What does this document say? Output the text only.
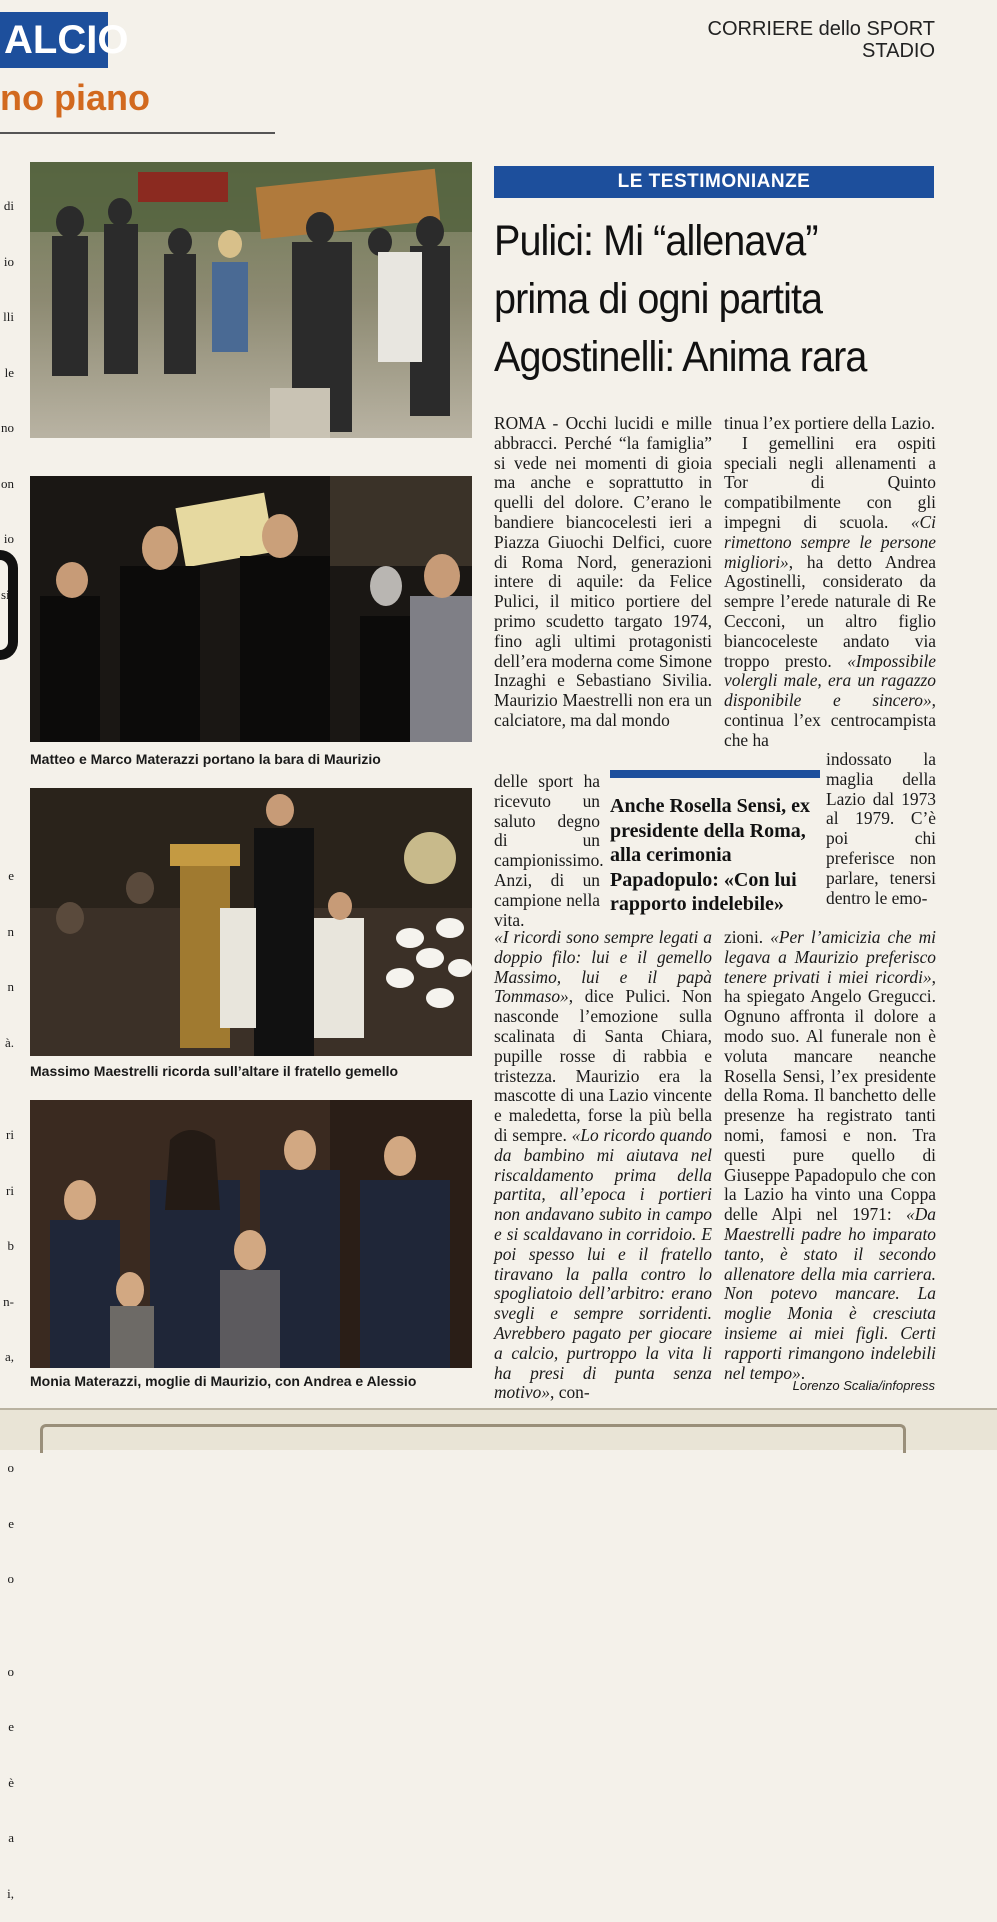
ALCIO
no piano
CORRIERE dello SPORT
STADIO

di

io

lli

le

no

on

io

si)

e

n

n

à.

ri

ri

b

n-

a,

o

e

o

o

e

è

a

i,

Matteo e Marco Materazzi portano la bara di Maurizio
Massimo Maestrelli ricorda sull’altare il fratello gemello
Monia Materazzi, moglie di Maurizio, con Andrea e Alessio
LE TESTIMONIANZE
Pulici: Mi “allenava”
prima di ogni partita
Agostinelli: Anima rara
ROMA - Occhi lucidi e mille abbracci. Perché “la famiglia” si vede nei momenti di gioia ma anche e soprattutto in quelli del dolore. C’erano le bandiere biancocelesti ieri a Piazza Giuochi Delfici, cuore di Roma Nord, generazioni intere di aquile: da Felice Pulici, il mitico portiere del primo scudetto targato 1974, fino agli ultimi protagonisti dell’era moderna come Simone Inzaghi e Sebastiano Sivilia. Maurizio Maestrelli non era un calciatore, ma dal mondo
delle sport ha ricevuto un saluto degno di un campionissimo. Anzi, di un campione nella vita.
«I ricordi sono sempre legati a doppio filo: lui e il gemello Massimo, lui e il papà Tommaso», dice Pulici. Non nasconde l’emozione sulla scalinata di Santa Chiara, pupille rosse di rabbia e tristezza. Maurizio era la mascotte di una Lazio vincente e maledetta, forse la più bella di sempre. «Lo ricordo quando da bambino mi aiutava nel riscaldamento prima della partita, all’epoca i portieri non andavano subito in campo e si scaldavano in corridoio. E poi spesso lui e il fratello tiravano la palla contro lo spogliatoio dell’arbitro: erano svegli e sempre sorridenti. Avrebbero pagato per giocare a calcio, purtroppo la vita li ha presi di punta senza motivo», con-

tinua l’ex portiere della Lazio.

I gemellini era ospiti speciali negli allenamenti a Tor di Quinto compatibilmente con gli impegni di scuola. «Ci rimettono sempre le persone migliori», ha detto Andrea Agostinelli, considerato da sempre l’erede naturale di Re Cecconi, un altro figlio biancoceleste andato via troppo presto. «Impossibile volergli male, era un ragazzo disponibile e sincero», continua l’ex centrocampista che ha

indossato la maglia della Lazio dal 1973 al 1979. C’è poi chi preferisce non parlare, tenersi dentro le emo-
zioni. «Per l’amicizia che mi legava a Maurizio preferisco tenere privati i miei ricordi», ha spiegato Angelo Gregucci. Ognuno affronta il dolore a modo suo. Al funerale non è voluta mancare neanche Rosella Sensi, l’ex presidente della Roma. Il banchetto delle presenze ha registrato tanti nomi, famosi e non. Tra questi pure quello di Giuseppe Papadopulo che con la Lazio ha vinto una Coppa delle Alpi nel 1971: «Da Maestrelli padre ho imparato tanto, è stato il secondo allenatore della mia carriera. Non potevo mancare. La moglie Monia è cresciuta insieme ai miei figli. Certi rapporti rimangono indelebili nel tempo».
Anche Rosella Sensi, ex presidente della Roma, alla cerimonia Papadopulo: «Con lui rapporto indelebile»
Lorenzo Scalia/infopress
